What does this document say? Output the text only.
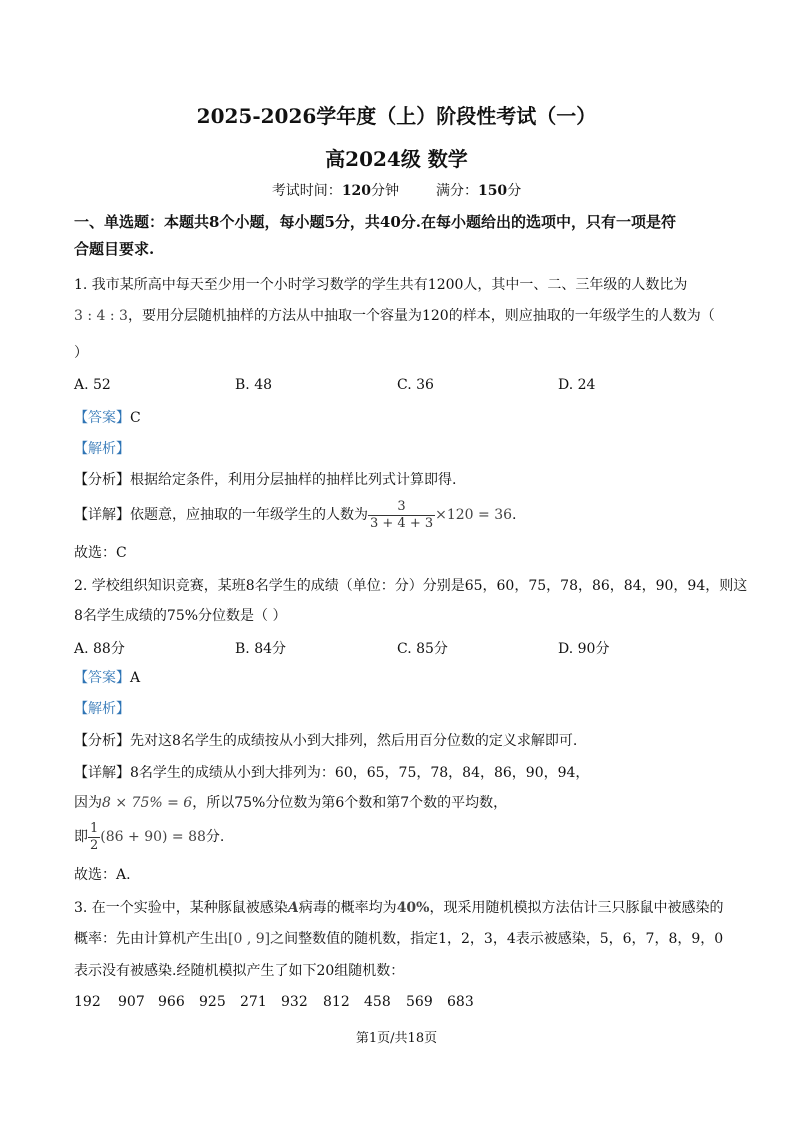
2025-2026学年度（上）阶段性考试（一）
高2024级 数学
考试时间：120分钟	满分：150分
一、单选题：本题共8个小题，每小题5分，共40分.在每小题给出的选项中，只有一项是符
合题目要求.
1. 我市某所高中每天至少用一个小时学习数学的学生共有1200人，其中一、二、三年级的人数比为
3 : 4 : 3，要用分层随机抽样的方法从中抽取一个容量为120的样本，则应抽取的一年级学生的人数为（
）
A. 52	B. 48	C. 36	D. 24
【答案】C
【解析】
【分析】根据给定条件，利用分层抽样的抽样比列式计算即得.
【详解】依题意，应抽取的一年级学生的人数为 $\frac{3}{3 + 4 + 3} \times 120 = 36$.
故选：C
2. 学校组织知识竞赛，某班8名学生的成绩（单位：分）分别是65，60，75，78，86，84，90，94，则这
8名学生成绩的75%分位数是（ ）
A. 88分	B. 84分	C. 85分	D. 90分
【答案】A
【解析】
【分析】先对这8名学生的成绩按从小到大排列，然后用百分位数的定义求解即可.
【详解】8名学生的成绩从小到大排列为：60，65，75，78，84，86，90，94，
因为8 × 75% = 6，所以75%分位数为第6个数和第7个数的平均数，
即 $\frac{1}{2} (86 + 90) = 88$分.
故选：A.
3. 在一个实验中，某种豚鼠被感染A病毒的概率均为40%，现采用随机模拟方法估计三只豚鼠中被感染的
概率：先由计算机产生出[0 , 9]之间整数值的随机数，指定1，2，3，4表示被感染，5，6，7，8，9，0
表示没有被感染.经随机模拟产生了如下20组随机数：
192 907 966 925 271 932 812 458 569 683
第1页/共18页
